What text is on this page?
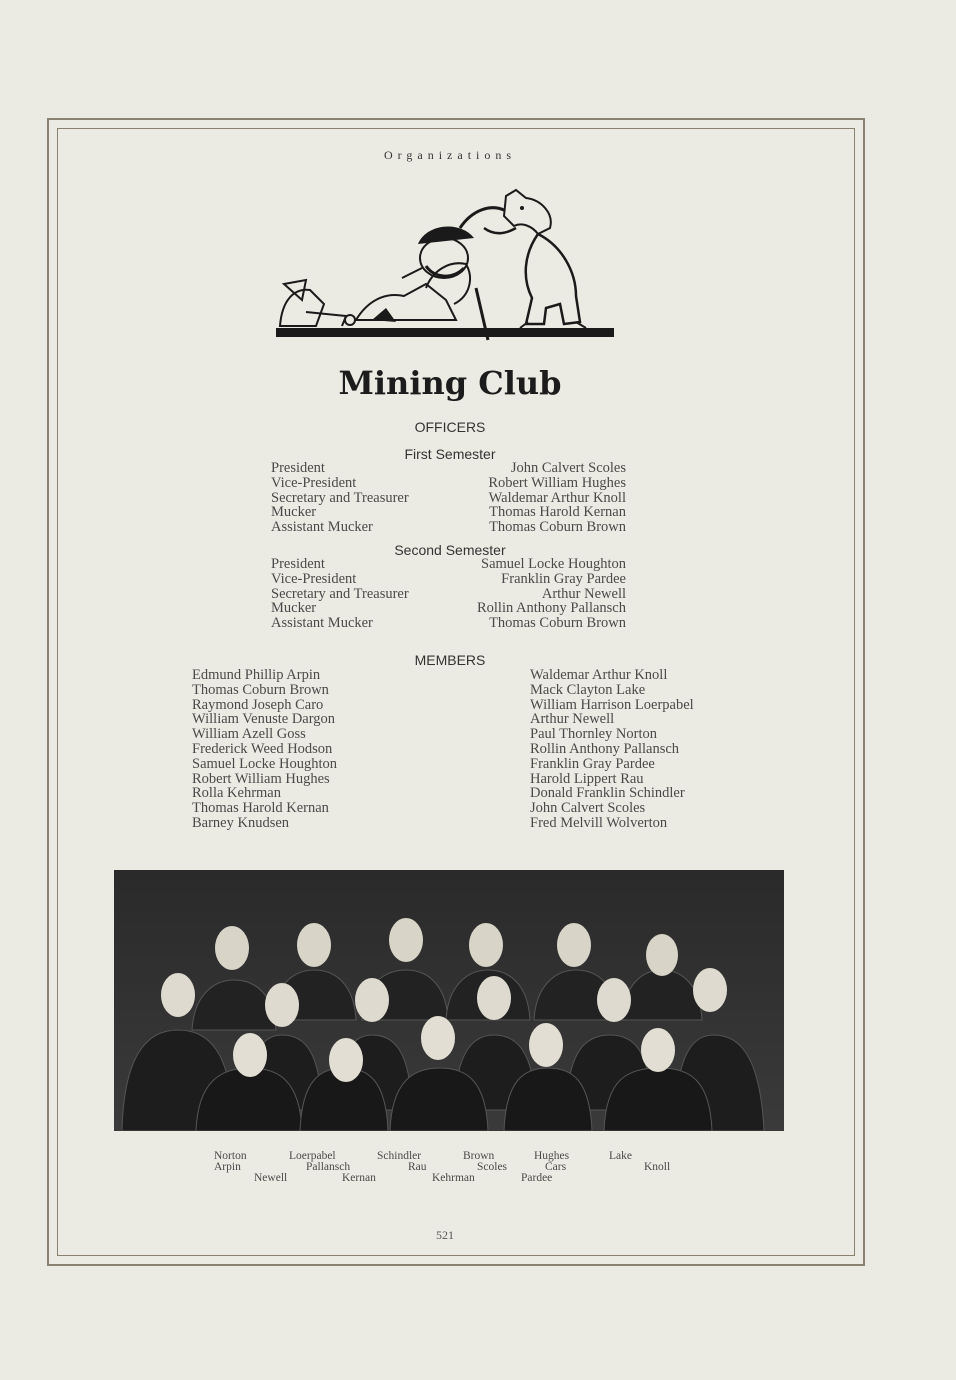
Organizations
Mining Club
OFFICERS
First Semester
President	John Calvert Scoles
Vice-President	Robert William Hughes
Secretary and Treasurer	Waldemar Arthur Knoll
Mucker	Thomas Harold Kernan
Assistant Mucker	Thomas Coburn Brown
Second Semester
President	Samuel Locke Houghton
Vice-President	Franklin Gray Pardee
Secretary and Treasurer	Arthur Newell
Mucker	Rollin Anthony Pallansch
Assistant Mucker	Thomas Coburn Brown
MEMBERS
Edmund Phillip Arpin
Thomas Coburn Brown
Raymond Joseph Caro
William Venuste Dargon
William Azell Goss
Frederick Weed Hodson
Samuel Locke Houghton
Robert William Hughes
Rolla Kehrman
Thomas Harold Kernan
Barney Knudsen
Waldemar Arthur Knoll
Mack Clayton Lake
William Harrison Loerpabel
Arthur Newell
Paul Thornley Norton
Rollin Anthony Pallansch
Franklin Gray Pardee
Harold Lippert Rau
Donald Franklin Schindler
John Calvert Scoles
Fred Melvill Wolverton
Norton	Loerpabel	Schindler	Brown	Hughes	Lake
Arpin	Pallansch	Rau	Scoles	Cars	Knoll
Newell	Kernan	Kehrman	Pardee
521
